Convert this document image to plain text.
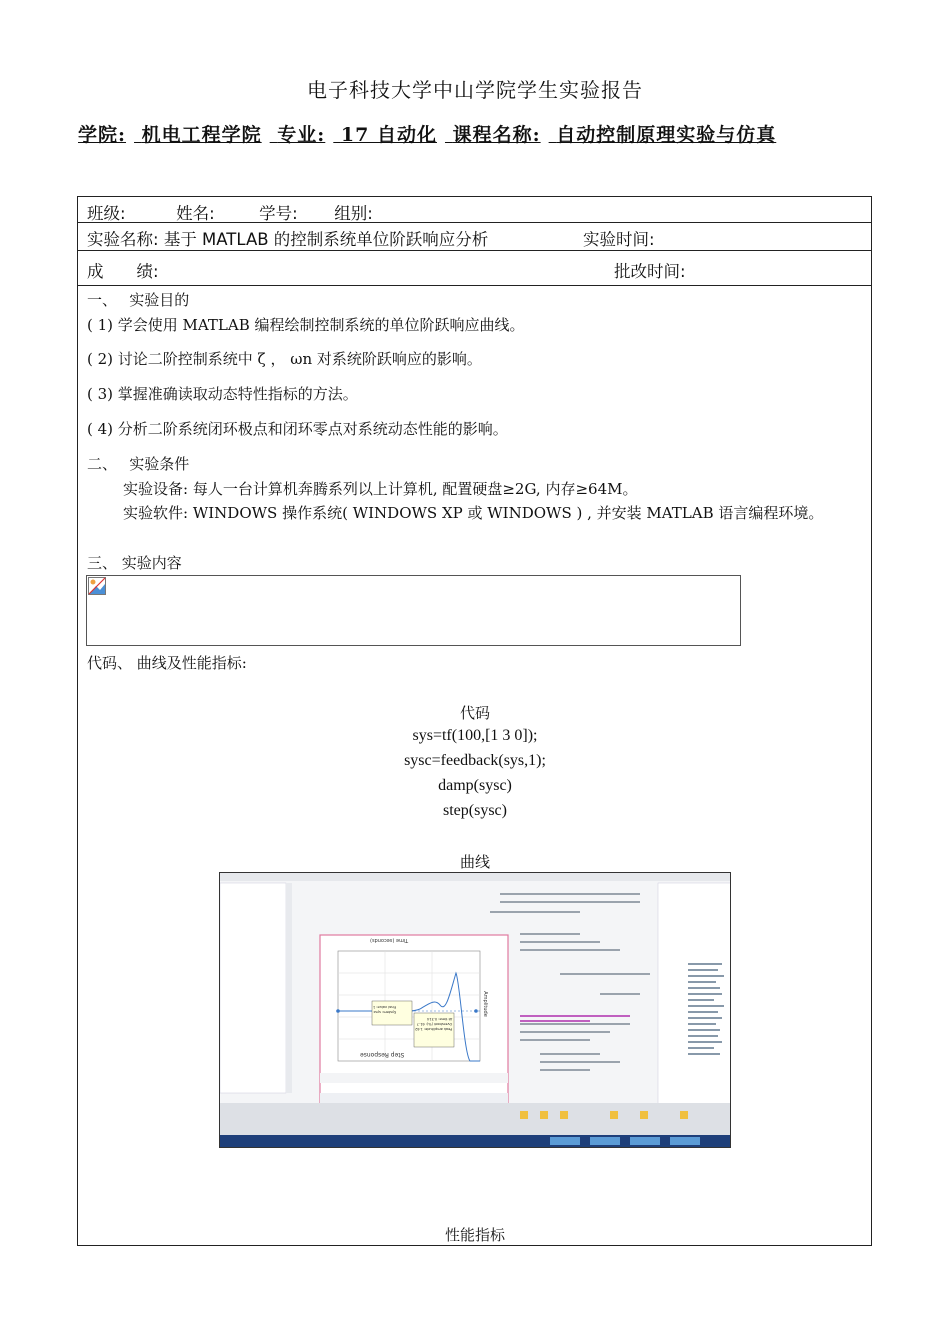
电子科技大学中山学院学生实验报告
学院: 机电工程学院 专业: 17 自动化 课程名称: 自动控制原理实验与仿真
班级:	姓名:	学号: 组别:
实验名称: 基于 MATLAB 的控制系统单位阶跃响应分析	实验时间:
成　　绩:	批改时间:
一、　 实验目的
( 1) 学会使用 MATLAB 编程绘制控制系统的单位阶跃响应曲线。
( 2) 讨论二阶控制系统中 ζ ， ωn 对系统阶跃响应的影响。
( 3) 掌握准确读取动态特性指标的方法。
( 4) 分析二阶系统闭环极点和闭环零点对系统动态性能的影响。
二、　 实验条件
实验设备: 每人一台计算机奔腾系列以上计算机, 配置硬盘≥2G, 内存≥64M。
实验软件: WINDOWS 操作系统( WINDOWS XP 或 WINDOWS ) , 并安装 MATLAB 语言编程环境。
三、 实验内容
代码、 曲线及性能指标:
代码
sys=tf(100,[1 3 0]);
sysc=feedback(sys,1);
damp(sysc)
step(sysc)
曲线
Step Response
Time (seconds)
Amplitude
System: sysc
Final value: 1
Peak amplitude: 1.62
Overshoot (%): 61.7
At time: 0.314
性能指标
